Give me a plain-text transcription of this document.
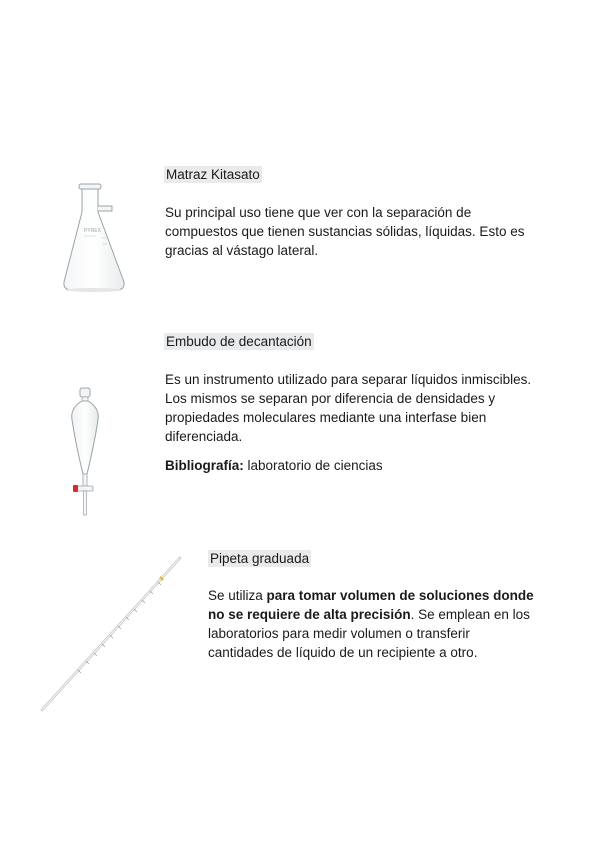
PYREX
Matraz Kitasato

Su principal uso tiene que ver con la separación de compuestos que tienen sustancias sólidas, líquidas. Esto es gracias al vástago lateral.

Embudo de decantación

Es un instrumento utilizado para separar líquidos inmiscibles. Los mismos se separan por diferencia de densidades y propiedades moleculares mediante una interfase bien diferenciada.

Bibliografía: laboratorio de ciencias

Pipeta graduada

Se utiliza para tomar volumen de soluciones donde no se requiere de alta precisión. Se emplean en los laboratorios para medir volumen o transferir cantidades de líquido de un recipiente a otro.
